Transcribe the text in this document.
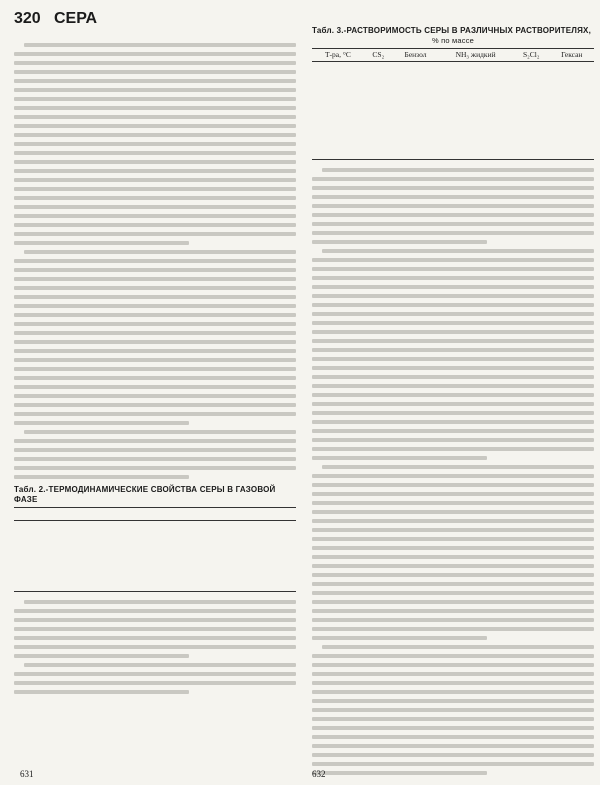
320 СЕРА
Табл. 2.-ТЕРМОДИНАМИЧЕСКИЕ СВОЙСТВА СЕРЫ В ГАЗОВОЙ ФАЗЕ

Табл. 3.-РАСТВОРИМОСТЬ СЕРЫ В РАЗЛИЧНЫХ РАСТВОРИТЕЛЯХ,
% по массе
Т-ра, °С	CS₂	Бензол	NH₃ жидкий	S₂Cl₂	Гексан

631	632
